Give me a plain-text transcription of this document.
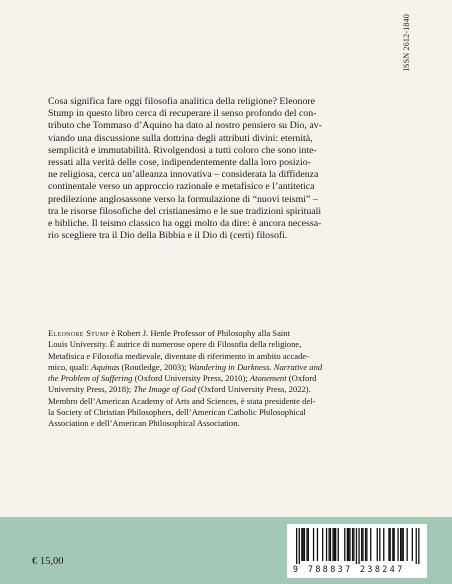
ISSN 2612-1840

Cosa significa fare oggi filosofia analitica della religione? Eleonore

Stump in questo libro cerca di recuperare il senso profondo del con-

tributo che Tommaso d’Aquino ha dato al nostro pensiero su Dio, av-

viando una discussione sulla dottrina degli attributi divini: eternità,

semplicità e immutabilità. Rivolgendosi a tutti coloro che sono inte-

ressati alla verità delle cose, indipendentemente dalla loro posizio-

ne religiosa, cerca un’alleanza innovativa – considerata la diffidenza

continentale verso un approccio razionale e metafisico e l’antitetica

predilezione anglosassone verso la formulazione di “nuovi teismi” –

tra le risorse filosofiche del cristianesimo e le sue tradizioni spirituali

e bibliche. Il teismo classico ha oggi molto da dire: è ancora necessa-

rio scegliere tra il Dio della Bibbia e il Dio di (certi) filosofi.

Eleonore Stump è Robert J. Henle Professor of Philosophy alla Saint

Louis University. È autrice di numerose opere di Filosofia della religione,

Metafisica e Filosofia medievale, diventate di riferimento in ambito accade-

mico, quali: Aquinas (Routledge, 2003); Wandering in Darkness. Narrative and

the Problem of Suffering (Oxford University Press, 2010); Atonement (Oxford

University Press, 2018); The Image of God (Oxford University Press, 2022).

Membro dell’American Academy of Arts and Sciences, è stata presidente del-

la Society of Christian Philosophers, dell’American Catholic Philosophical

Association e dell’American Philosophical Association.

€ 15,00
9 788837 238247
